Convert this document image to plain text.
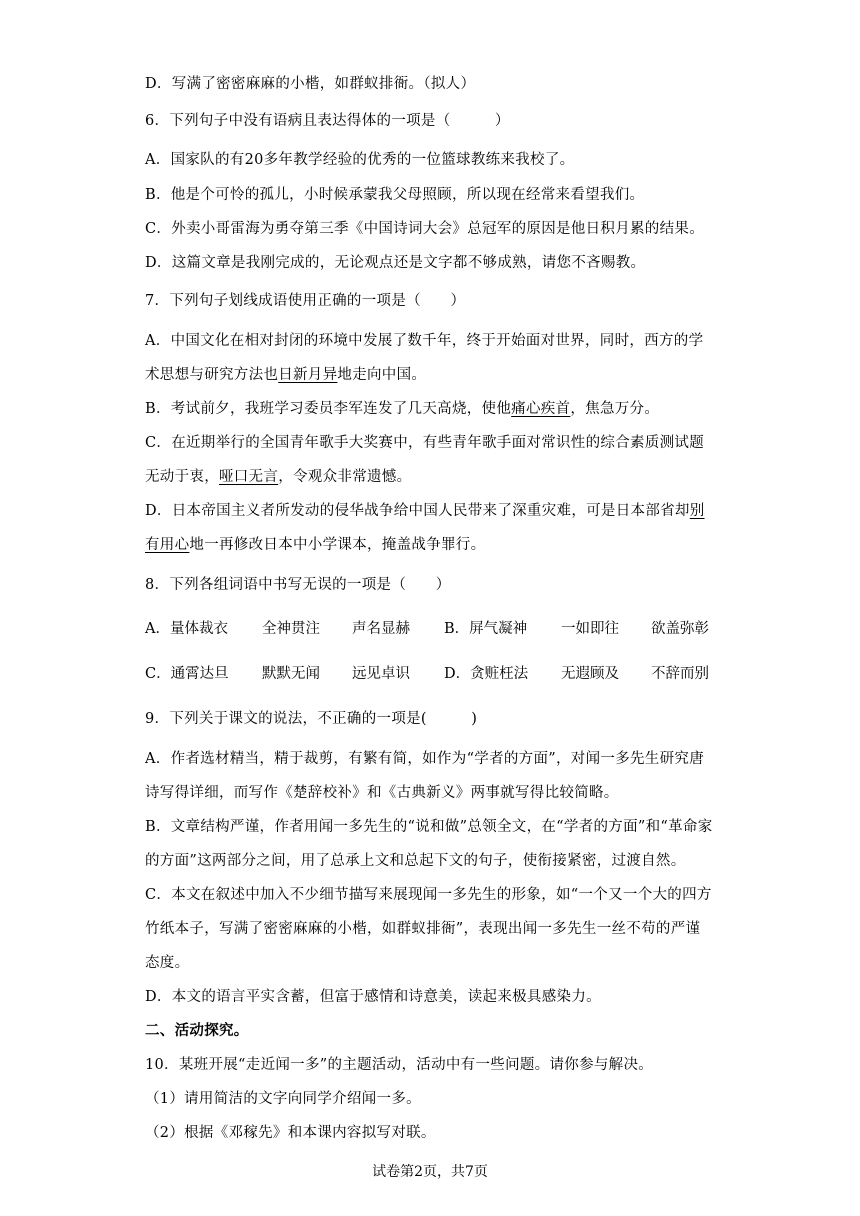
D．写满了密密麻麻的小楷，如群蚁排衙。（拟人）
6．下列句子中没有语病且表达得体的一项是（　　　）
A．国家队的有20多年教学经验的优秀的一位篮球教练来我校了。
B．他是个可怜的孤儿，小时候承蒙我父母照顾，所以现在经常来看望我们。
C．外卖小哥雷海为勇夺第三季《中国诗词大会》总冠军的原因是他日积月累的结果。
D．这篇文章是我刚完成的，无论观点还是文字都不够成熟，请您不吝赐教。
7．下列句子划线成语使用正确的一项是（　　）
A．中国文化在相对封闭的环境中发展了数千年，终于开始面对世界，同时，西方的学
术思想与研究方法也日新月异地走向中国。
B．考试前夕，我班学习委员李军连发了几天高烧，使他痛心疾首，焦急万分。
C．在近期举行的全国青年歌手大奖赛中，有些青年歌手面对常识性的综合素质测试题
无动于衷，哑口无言，令观众非常遗憾。
D．日本帝国主义者所发动的侵华战争给中国人民带来了深重灾难，可是日本部省却别
有用心地一再修改日本中小学课本，掩盖战争罪行。
8．下列各组词语中书写无误的一项是（　　）
A．量体裁衣 全神贯注 声名显赫 B．屏气凝神 一如即往 欲盖弥彰
C．通霄达旦 默默无闻 远见卓识 D．贪赃枉法 无遐顾及 不辞而别
9．下列关于课文的说法，不正确的一项是(　　　)
A．作者选材精当，精于裁剪，有繁有简，如作为“学者的方面”，对闻一多先生研究唐
诗写得详细，而写作《楚辞校补》和《古典新义》两事就写得比较简略。
B．文章结构严谨，作者用闻一多先生的“说和做”总领全文，在“学者的方面”和“革命家
的方面”这两部分之间，用了总承上文和总起下文的句子，使衔接紧密，过渡自然。
C．本文在叙述中加入不少细节描写来展现闻一多先生的形象，如“一个又一个大的四方
竹纸本子，写满了密密麻麻的小楷，如群蚁排衙”，表现出闻一多先生一丝不苟的严谨
态度。
D．本文的语言平实含蓄，但富于感情和诗意美，读起来极具感染力。
二、活动探究。
10．某班开展“走近闻一多”的主题活动，活动中有一些问题。请你参与解决。
（1）请用简洁的文字向同学介绍闻一多。
（2）根据《邓稼先》和本课内容拟写对联。
试卷第2页，共7页
